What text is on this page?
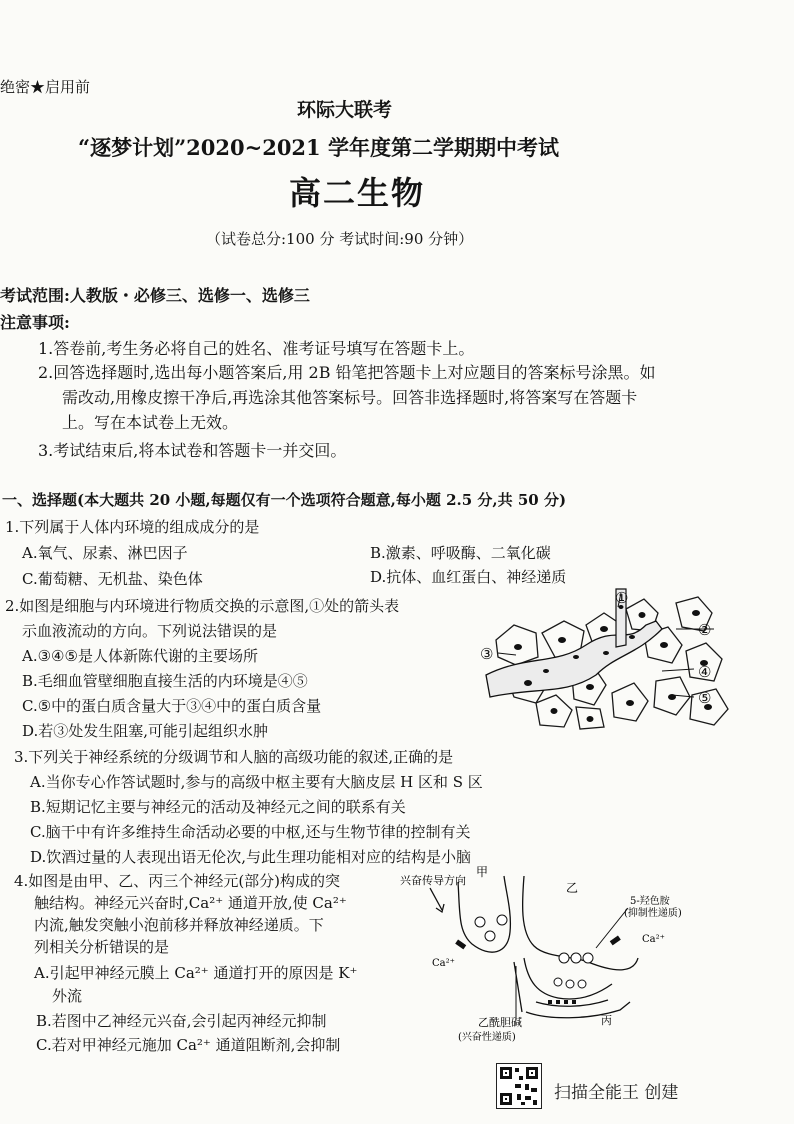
绝密★启用前
环际大联考
“逐梦计划”2020~2021 学年度第二学期期中考试
高二生物
（试卷总分:100 分 考试时间:90 分钟）
考试范围:人教版・必修三、选修一、选修三
注意事项:
1.答卷前,考生务必将自己的姓名、准考证号填写在答题卡上。
2.回答选择题时,选出每小题答案后,用 2B 铅笔把答题卡上对应题目的答案标号涂黑。如
需改动,用橡皮擦干净后,再选涂其他答案标号。回答非选择题时,将答案写在答题卡
上。写在本试卷上无效。
3.考试结束后,将本试卷和答题卡一并交回。
一、选择题(本大题共 20 小题,每题仅有一个选项符合题意,每小题 2.5 分,共 50 分)
1.下列属于人体内环境的组成成分的是
A.氧气、尿素、淋巴因子	B.激素、呼吸酶、二氧化碳
C.葡萄糖、无机盐、染色体	D.抗体、血红蛋白、神经递质
2.如图是细胞与内环境进行物质交换的示意图,①处的箭头表
示血液流动的方向。下列说法错误的是
A.③④⑤是人体新陈代谢的主要场所
B.毛细血管壁细胞直接生活的内环境是④⑤
C.⑤中的蛋白质含量大于③④中的蛋白质含量
D.若③处发生阻塞,可能引起组织水肿
①
②
③
④
⑤
3.下列关于神经系统的分级调节和人脑的高级功能的叙述,正确的是
A.当你专心作答试题时,参与的高级中枢主要有大脑皮层 H 区和 S 区
B.短期记忆主要与神经元的活动及神经元之间的联系有关
C.脑干中有许多维持生命活动必要的中枢,还与生物节律的控制有关
D.饮酒过量的人表现出语无伦次,与此生理功能相对应的结构是小脑
4.如图是由甲、乙、丙三个神经元(部分)构成的突
触结构。神经元兴奋时,Ca²⁺ 通道开放,使 Ca²⁺
内流,触发突触小泡前移并释放神经递质。下
列相关分析错误的是
A.引起甲神经元膜上 Ca²⁺ 通道打开的原因是 K⁺
外流
B.若图中乙神经元兴奋,会引起丙神经元抑制
C.若对甲神经元施加 Ca²⁺ 通道阻断剂,会抑制
兴奋传导方向
甲
乙
丙
Ca²⁺
Ca²⁺
5-羟色胺
(抑制性递质)
乙酰胆碱
(兴奋性递质)
扫描全能王 创建
